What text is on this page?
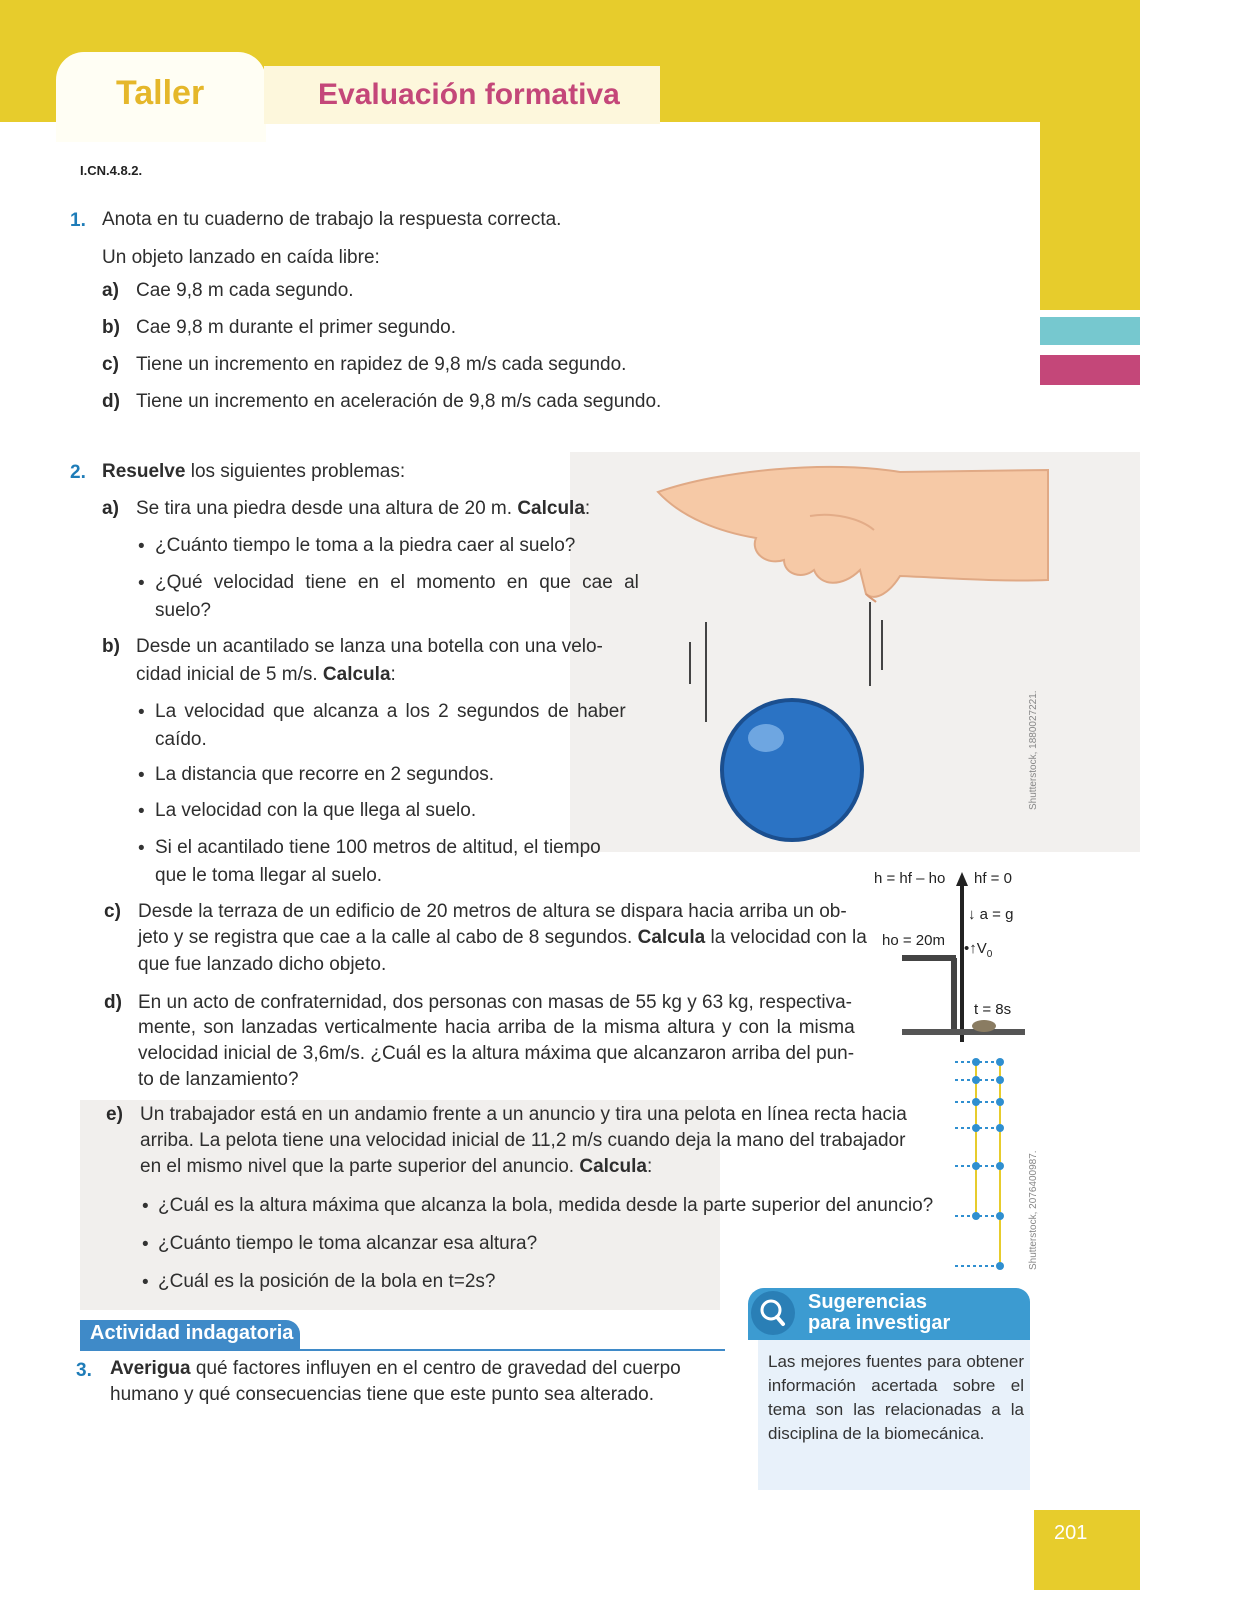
Taller	Evaluación formativa
I.CN.4.8.2.
Shutterstock, 1880027221.
h = hf – ho hf = 0
↓ a = g
ho = 20m $•↑V_0$
t = 8s
Shutterstock, 2076400987.
1. Anota en tu cuaderno de trabajo la respuesta correcta.
Un objeto lanzado en caída libre:
a) Cae 9,8 m cada segundo.
b) Cae 9,8 m durante el primer segundo.
c) Tiene un incremento en rapidez de 9,8 m/s cada segundo.
d) Tiene un incremento en aceleración de 9,8 m/s cada segundo.
2. Resuelve los siguientes problemas:
a) Se tira una piedra desde una altura de 20 m. Calcula:
• ¿Cuánto tiempo le toma a la piedra caer al suelo?
• ¿Qué velocidad tiene en el momento en que cae al
suelo?
b) Desde un acantilado se lanza una botella con una velo-
cidad inicial de 5 m/s. Calcula:
• La velocidad que alcanza a los 2 segundos de haber
caído.
• La distancia que recorre en 2 segundos.
• La velocidad con la que llega al suelo.
• Si el acantilado tiene 100 metros de altitud, el tiempo
que le toma llegar al suelo.
c) Desde la terraza de un edificio de 20 metros de altura se dispara hacia arriba un ob-
jeto y se registra que cae a la calle al cabo de 8 segundos. Calcula la velocidad con la
que fue lanzado dicho objeto.
d) En un acto de confraternidad, dos personas con masas de 55 kg y 63 kg, respectiva-
mente, son lanzadas verticalmente hacia arriba de la misma altura y con la misma
velocidad inicial de 3,6m/s. ¿Cuál es la altura máxima que alcanzaron arriba del pun-
to de lanzamiento?
e) Un trabajador está en un andamio frente a un anuncio y tira una pelota en línea recta hacia
arriba. La pelota tiene una velocidad inicial de 11,2 m/s cuando deja la mano del trabajador
en el mismo nivel que la parte superior del anuncio. Calcula:
• ¿Cuál es la altura máxima que alcanza la bola, medida desde la parte superior del anuncio?
• ¿Cuánto tiempo le toma alcanzar esa altura?
• ¿Cuál es la posición de la bola en t=2s?
Actividad indagatoria
3. Averigua qué factores influyen en el centro de gravedad del cuerpo
humano y qué consecuencias tiene que este punto sea alterado.
Sugerencias
para investigar
Las mejores fuentes para obtener información acertada sobre el tema son las relacionadas a la disciplina de la biomecánica.
201
